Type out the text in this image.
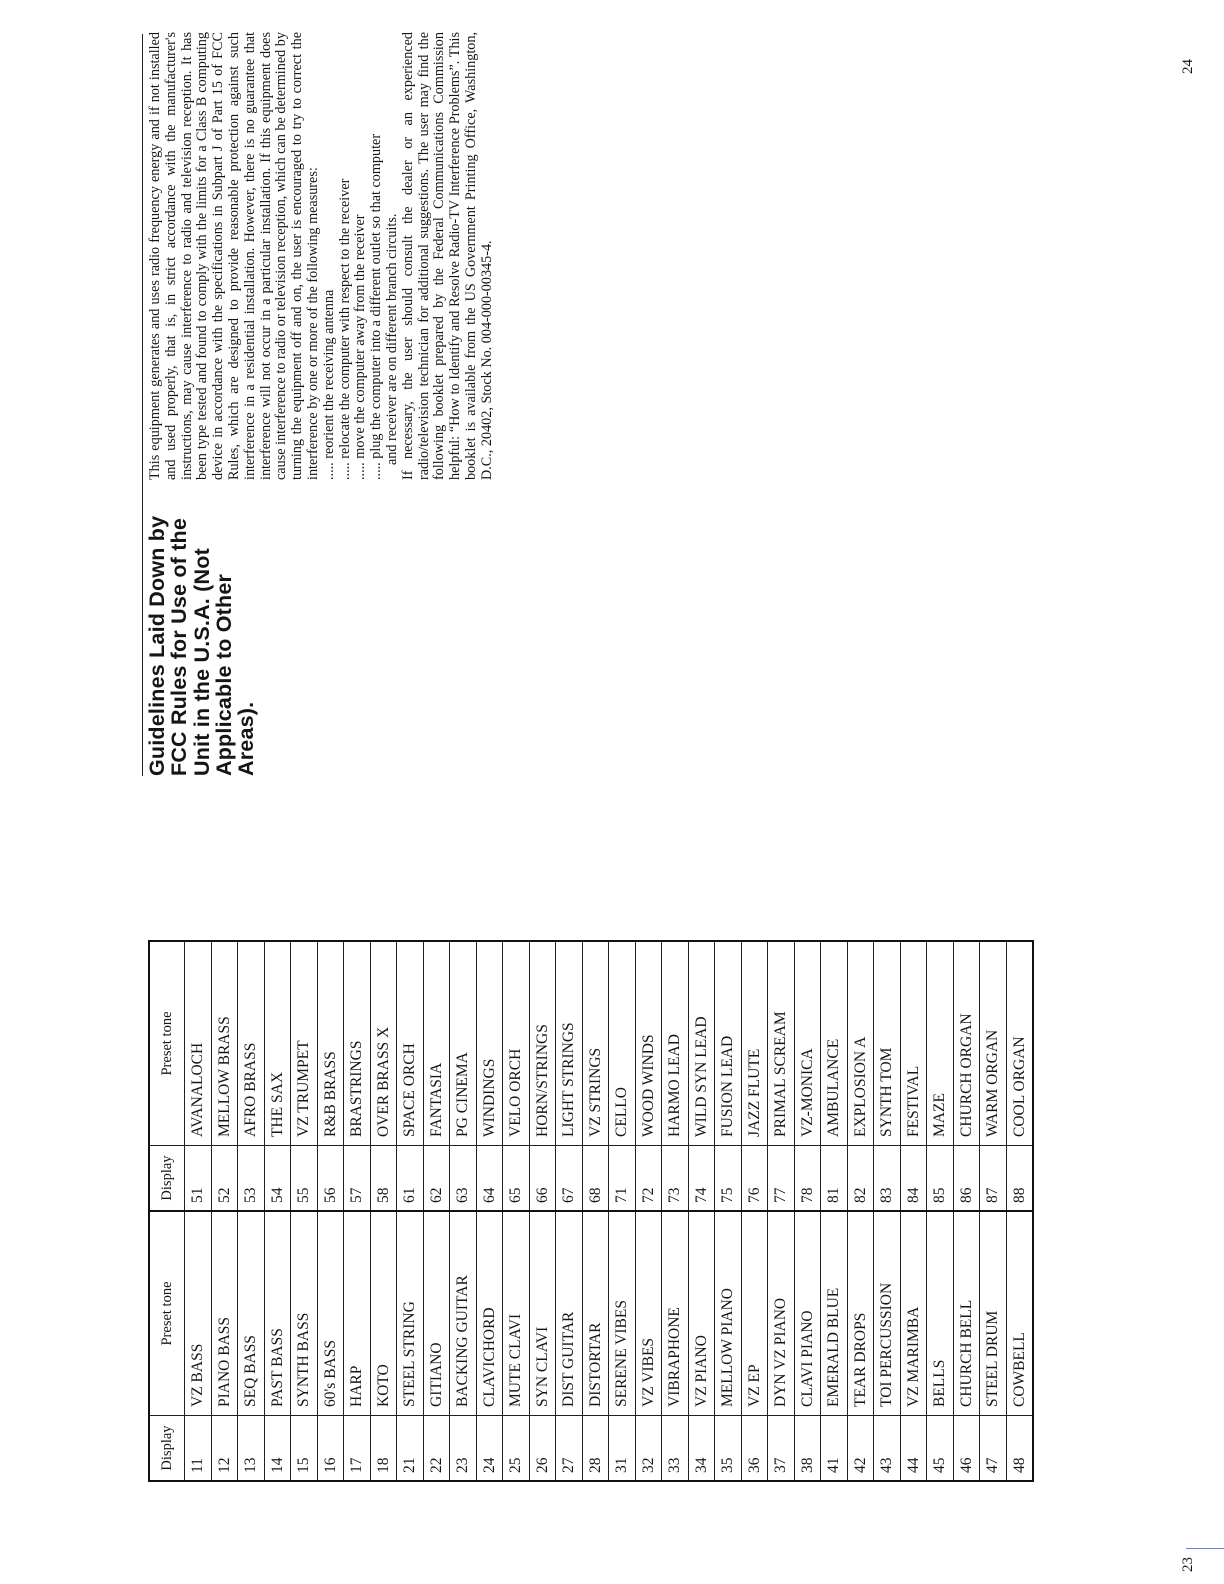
Display	Preset tone	Display	Preset tone
11	VZ BASS	51	AVANALOCH
12	PIANO BASS	52	MELLOW BRASS
13	SEQ BASS	53	AFRO BRASS
14	PAST BASS	54	THE SAX
15	SYNTH BASS	55	VZ TRUMPET
16	60's BASS	56	R&B BRASS
17	HARP	57	BRASTRINGS
18	KOTO	58	OVER BRASS X
21	STEEL STRING	61	SPACE ORCH
22	GITIANO	62	FANTASIA
23	BACKING GUITAR	63	PG CINEMA
24	CLAVICHORD	64	WINDINGS
25	MUTE CLAVI	65	VELO ORCH
26	SYN CLAVI	66	HORN/STRINGS
27	DIST GUITAR	67	LIGHT STRINGS
28	DISTORTAR	68	VZ STRINGS
31	SERENE VIBES	71	CELLO
32	VZ VIBES	72	WOOD WINDS
33	VIBRAPHONE	73	HARMO LEAD
34	VZ PIANO	74	WILD SYN LEAD
35	MELLOW PIANO	75	FUSION LEAD
36	VZ EP	76	JAZZ FLUTE
37	DYN VZ PIANO	77	PRIMAL SCREAM
38	CLAVI PIANO	78	VZ-MONICA
41	EMERALD BLUE	81	AMBULANCE
42	TEAR DROPS	82	EXPLOSION A
43	TOI PERCUSSION	83	SYNTH TOM
44	VZ MARIMBA	84	FESTIVAL
45	BELLS	85	MAZE
46	CHURCH BELL	86	CHURCH ORGAN
47	STEEL DRUM	87	WARM ORGAN
48	COWBELL	88	COOL ORGAN
Guidelines Laid Down by FCC Rules for Use of the Unit in the U.S.A. (Not Applicable to Other Areas).

This equipment generates and uses radio frequency energy and if not installed and used properly, that is, in strict accordance with the manufacturer's instructions, may cause interference to radio and television reception. It has been type tested and found to comply with the limits for a Class B computing device in accordance with the specifications in Subpart J of Part 15 of FCC Rules, which are designed to provide reasonable protection against such interference in a residential installation. However, there is no guarantee that interference will not occur in a particular installation. If this equipment does cause interference to radio or television reception, which can be determined by turning the equipment off and on, the user is encouraged to try to correct the interference by one or more of the following measures: ..... reorient the receiving antenna ..... relocate the computer with respect to the receiver ..... move the computer away from the receiver ..... plug the computer into a different outlet so that computer and receiver are on different branch circuits. If necessary, the user should consult the dealer or an experienced radio/television technician for additional suggestions. The user may find the following booklet prepared by the Federal Communications Commission helpful: “How to Identify and Resolve Radio-TV Interference Problems”. This booklet is available from the US Government Printing Office, Washington, D.C., 20402, Stock No. 004-000-00345-4.

23
24
